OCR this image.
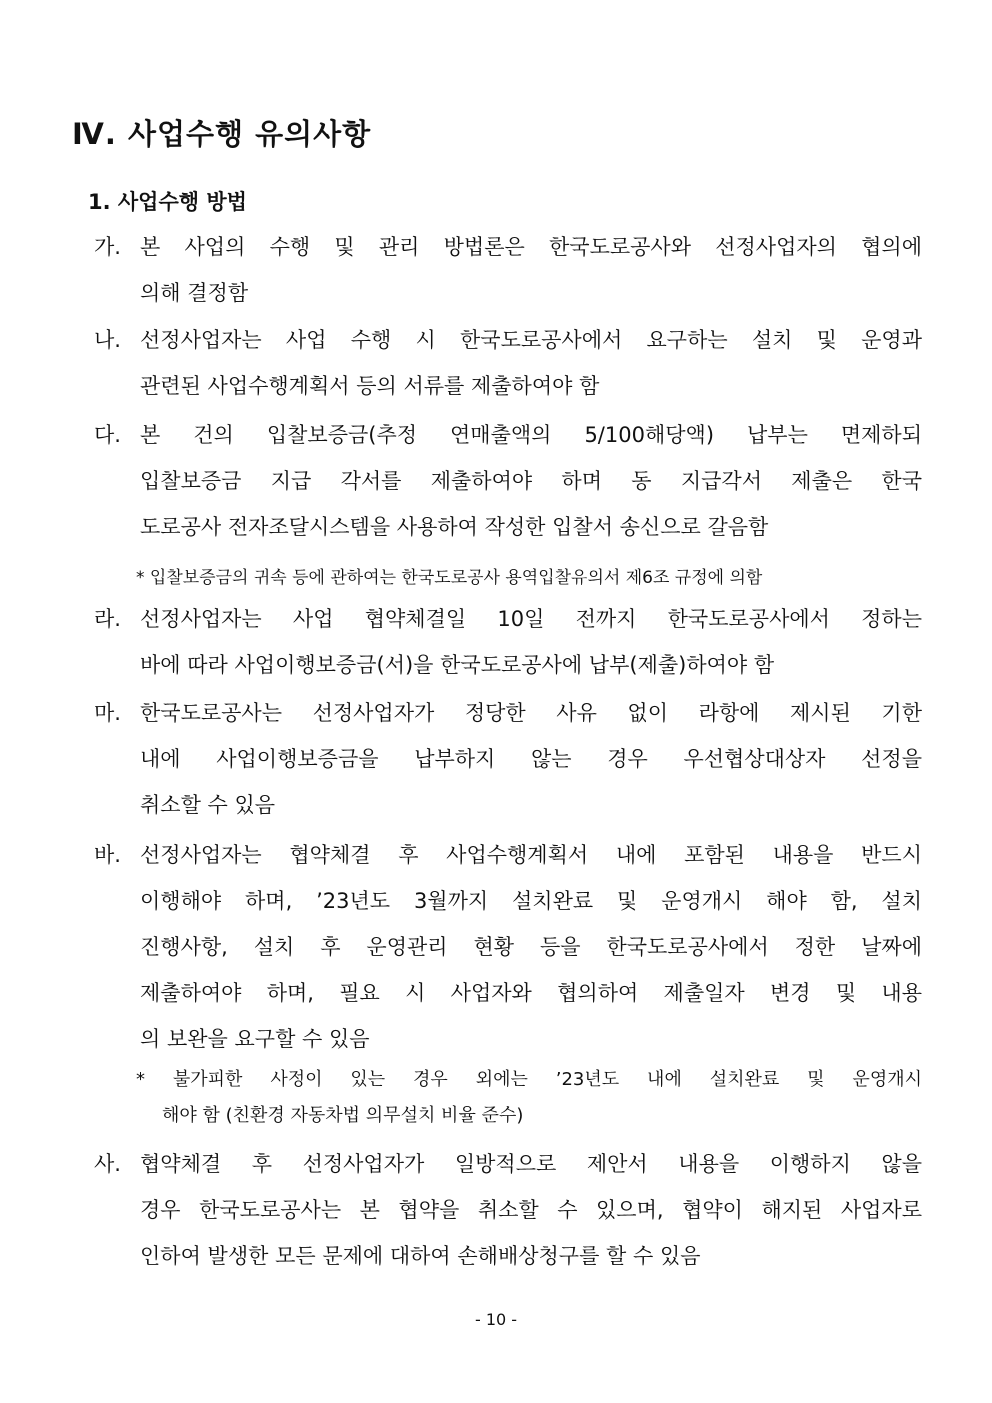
Ⅳ. 사업수행 유의사항
1. 사업수행 방법
가. 본 사업의 수행 및 관리 방법론은 한국도로공사와 선정사업자의 협의에
의해 결정함
나. 선정사업자는 사업 수행 시 한국도로공사에서 요구하는 설치 및 운영과
관련된 사업수행계획서 등의 서류를 제출하여야 함
다. 본 건의 입찰보증금(추정 연매출액의 5/100해당액) 납부는 면제하되
입찰보증금 지급 각서를 제출하여야 하며 동 지급각서 제출은 한국
도로공사 전자조달시스템을 사용하여 작성한 입찰서 송신으로 갈음함
* 입찰보증금의 귀속 등에 관하여는 한국도로공사 용역입찰유의서 제6조 규정에 의함
라. 선정사업자는 사업 협약체결일 10일 전까지 한국도로공사에서 정하는
바에 따라 사업이행보증금(서)을 한국도로공사에 납부(제출)하여야 함
마. 한국도로공사는 선정사업자가 정당한 사유 없이 라항에 제시된 기한
내에 사업이행보증금을 납부하지 않는 경우 우선협상대상자 선정을
취소할 수 있음
바. 선정사업자는 협약체결 후 사업수행계획서 내에 포함된 내용을 반드시
이행해야 하며, ’23년도 3월까지 설치완료 및 운영개시 해야 함, 설치
진행사항, 설치 후 운영관리 현황 등을 한국도로공사에서 정한 날짜에
제출하여야 하며, 필요 시 사업자와 협의하여 제출일자 변경 및 내용
의 보완을 요구할 수 있음
* 불가피한 사정이 있는 경우 외에는 ’23년도 내에 설치완료 및 운영개시
해야 함 (친환경 자동차법 의무설치 비율 준수)
사. 협약체결 후 선정사업자가 일방적으로 제안서 내용을 이행하지 않을
경우 한국도로공사는 본 협약을 취소할 수 있으며, 협약이 해지된 사업자로
인하여 발생한 모든 문제에 대하여 손해배상청구를 할 수 있음
- 10 -
